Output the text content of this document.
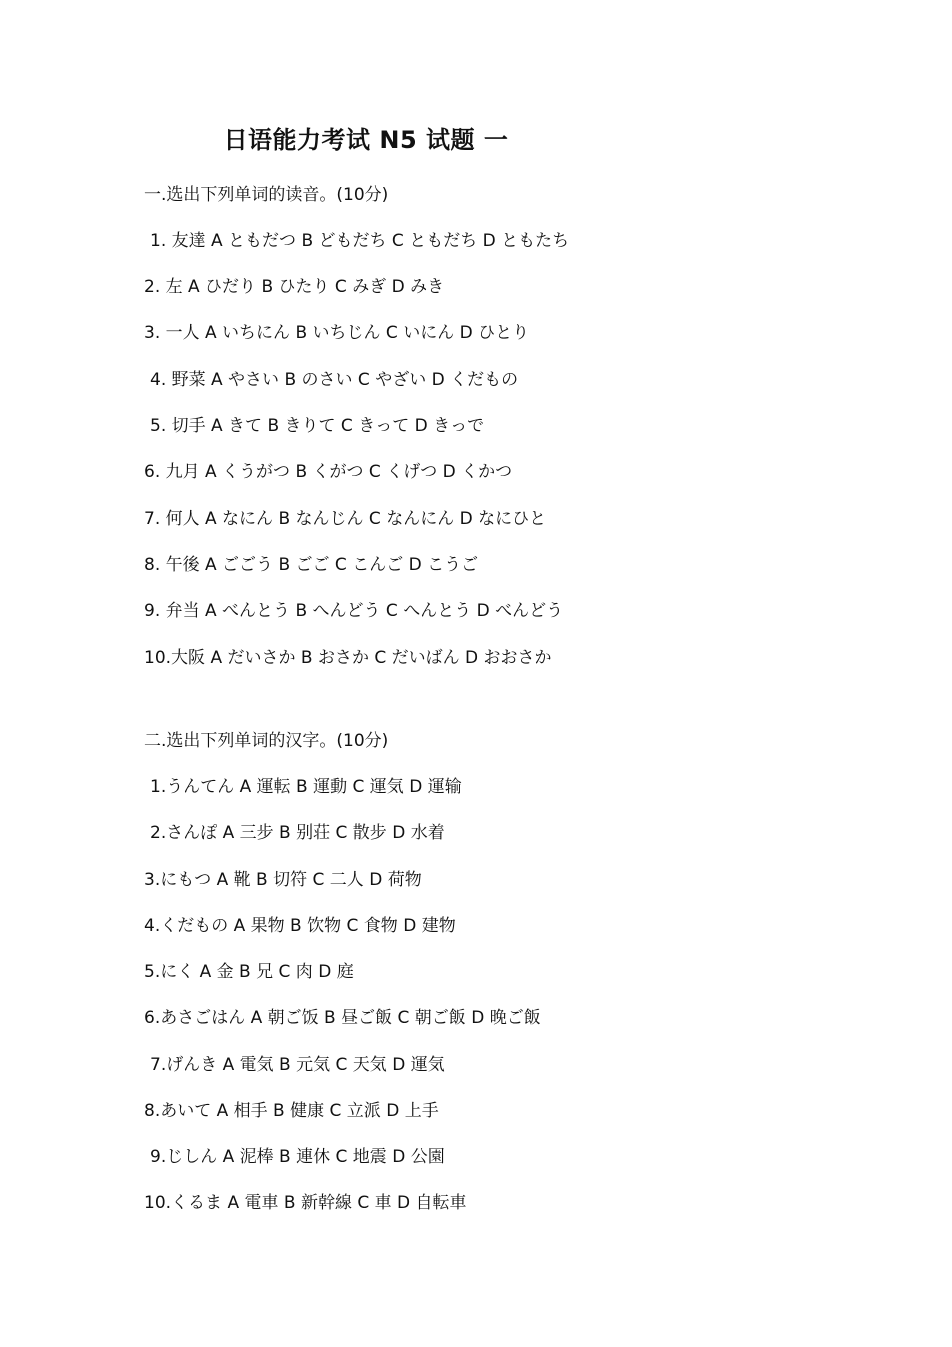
日语能力考试 N5 试题 一
一.选出下列单词的读音。(10分)
1. 友達 A ともだつ B どもだち C ともだち D ともたち
2. 左 A ひだり B ひたり C みぎ D みき
3. 一人 A いちにん B いちじん C いにん D ひとり
4. 野菜 A やさい B のさい C やざい D くだもの
5. 切手 A きて B きりて C きって D きっで
6. 九月 A くうがつ B くがつ C くげつ D くかつ
7. 何人 A なにん B なんじん C なんにん D なにひと
8. 午後 A ごごう B ごご C こんご D こうご
9. 弁当 A べんとう B へんどう C へんとう D べんどう
10.大阪 A だいさか B おさか C だいばん D おおさか
二.选出下列单词的汉字。(10分)
1.うんてん A 運転 B 運動 C 運気 D 運输
2.さんぽ A 三步 B 别荘 C 散步 D 水着
3.にもつ A 靴 B 切符 C 二人 D 荷物
4.くだもの A 果物 B 饮物 C 食物 D 建物
5.にく A 金 B 兄 C 肉 D 庭
6.あさごはん A 朝ご饭 B 昼ご飯 C 朝ご飯 D 晚ご飯
7.げんき A 電気 B 元気 C 天気 D 運気
8.あいて A 相手 B 健康 C 立派 D 上手
9.じしん A 泥棒 B 連休 C 地震 D 公園
10.くるま A 電車 B 新幹線 C 車 D 自転車
